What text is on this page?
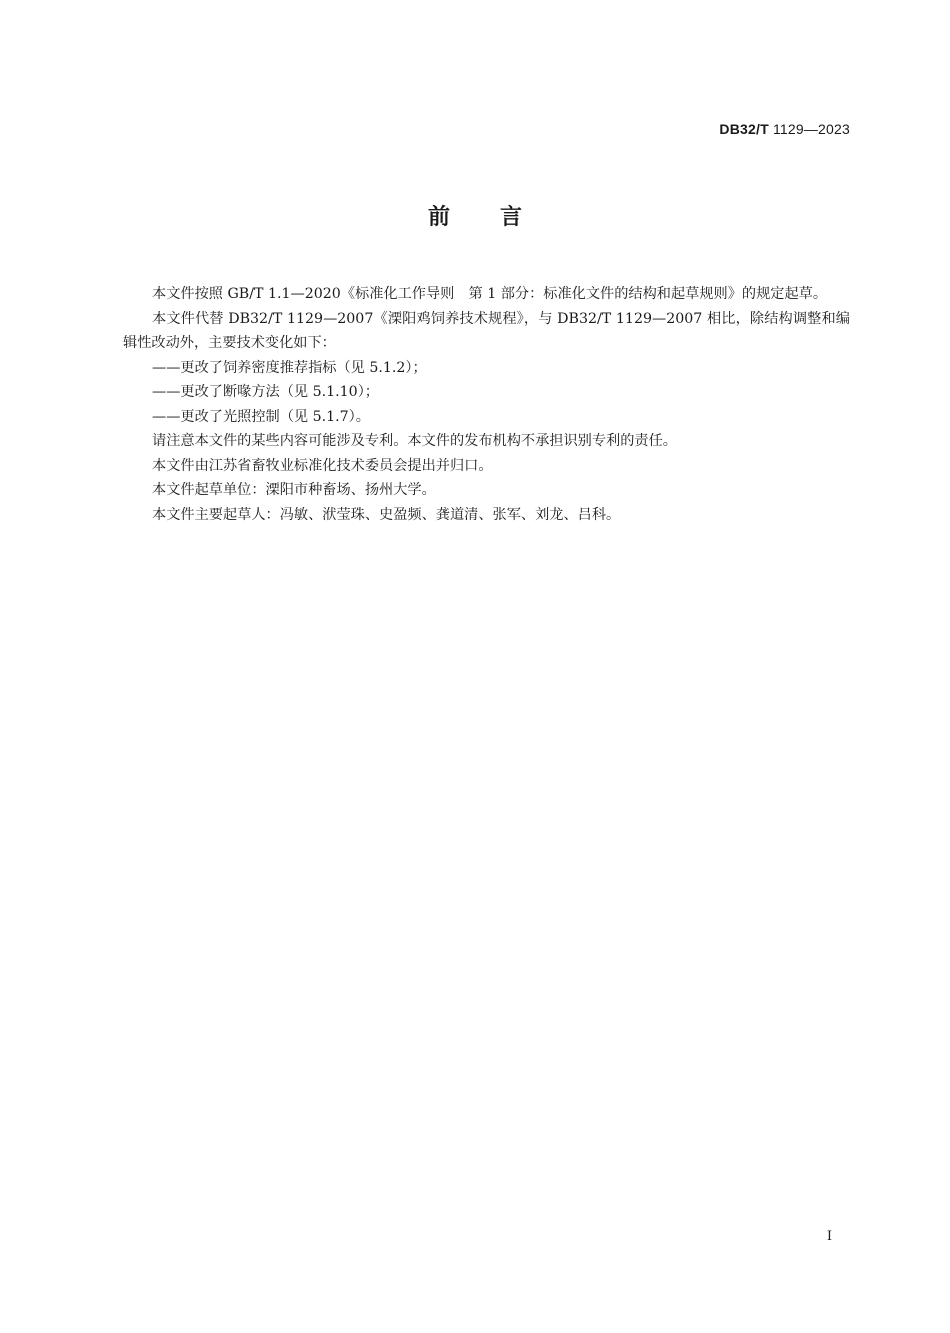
DB32/T 1129—2023
前言

本文件按照 GB/T 1.1—2020《标准化工作导则　第 1 部分：标准化文件的结构和起草规则》的规定起草。

本文件代替 DB32/T 1129—2007《溧阳鸡饲养技术规程》，与 DB32/T 1129—2007 相比，除结构调整和编辑性改动外，主要技术变化如下：

——更改了饲养密度推荐指标（见 5.1.2）；

——更改了断喙方法（见 5.1.10）；

——更改了光照控制（见 5.1.7）。

请注意本文件的某些内容可能涉及专利。本文件的发布机构不承担识别专利的责任。

本文件由江苏省畜牧业标准化技术委员会提出并归口。

本文件起草单位：溧阳市种畜场、扬州大学。

本文件主要起草人：冯敏、洑莹珠、史盈频、龚道清、张军、刘龙、吕科。

I
